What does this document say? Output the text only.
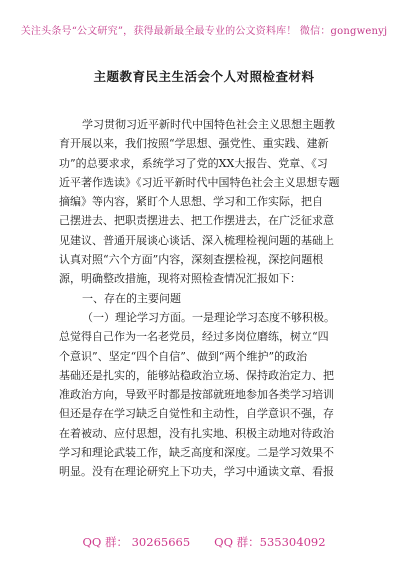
关注头条号“公文研究”，获得最新最全最专业的公文资料库！ 微信：gongwenyj
主题教育民主生活会个人对照检查材料
学习贯彻习近平新时代中国特色社会主义思想主题教
育开展以来，我们按照“学思想、强党性、重实践、建新
功”的总要求求，系统学习了党的XX大报告、党章、《习
近平著作选读》《习近平新时代中国特色社会主义思想专题
摘编》等内容，紧盯个人思想、学习和工作实际，把自
己摆进去、把职责摆进去、把工作摆进去，在广泛征求意
见建议、普通开展谈心谈话、深入梳理检视问题的基础上
认真对照“六个方面”内容，深刻查摆检视，深挖问题根
源，明确整改措施，现将对照检查情况汇报如下：
一、存在的主要问题
（一）理论学习方面。一是理论学习态度不够积极。
总觉得自己作为一名老党员，经过多岗位磨练，树立“四
个意识”、坚定“四个自信”、做到“两个维护”的政治
基础还是扎实的，能够站稳政治立场、保持政治定力、把
准政治方向，导致平时都是按部就班地参加各类学习培训
但还是存在学习缺乏自觉性和主动性，自学意识不强，存
在着被动、应付思想，没有扎实地、积极主动地对待政治
学习和理论武装工作，缺乏高度和深度。二是学习效果不
明显。没有在理论研究上下功夫，学习中通读文章、看报
QQ 群： 30265665 QQ 群：535304092
